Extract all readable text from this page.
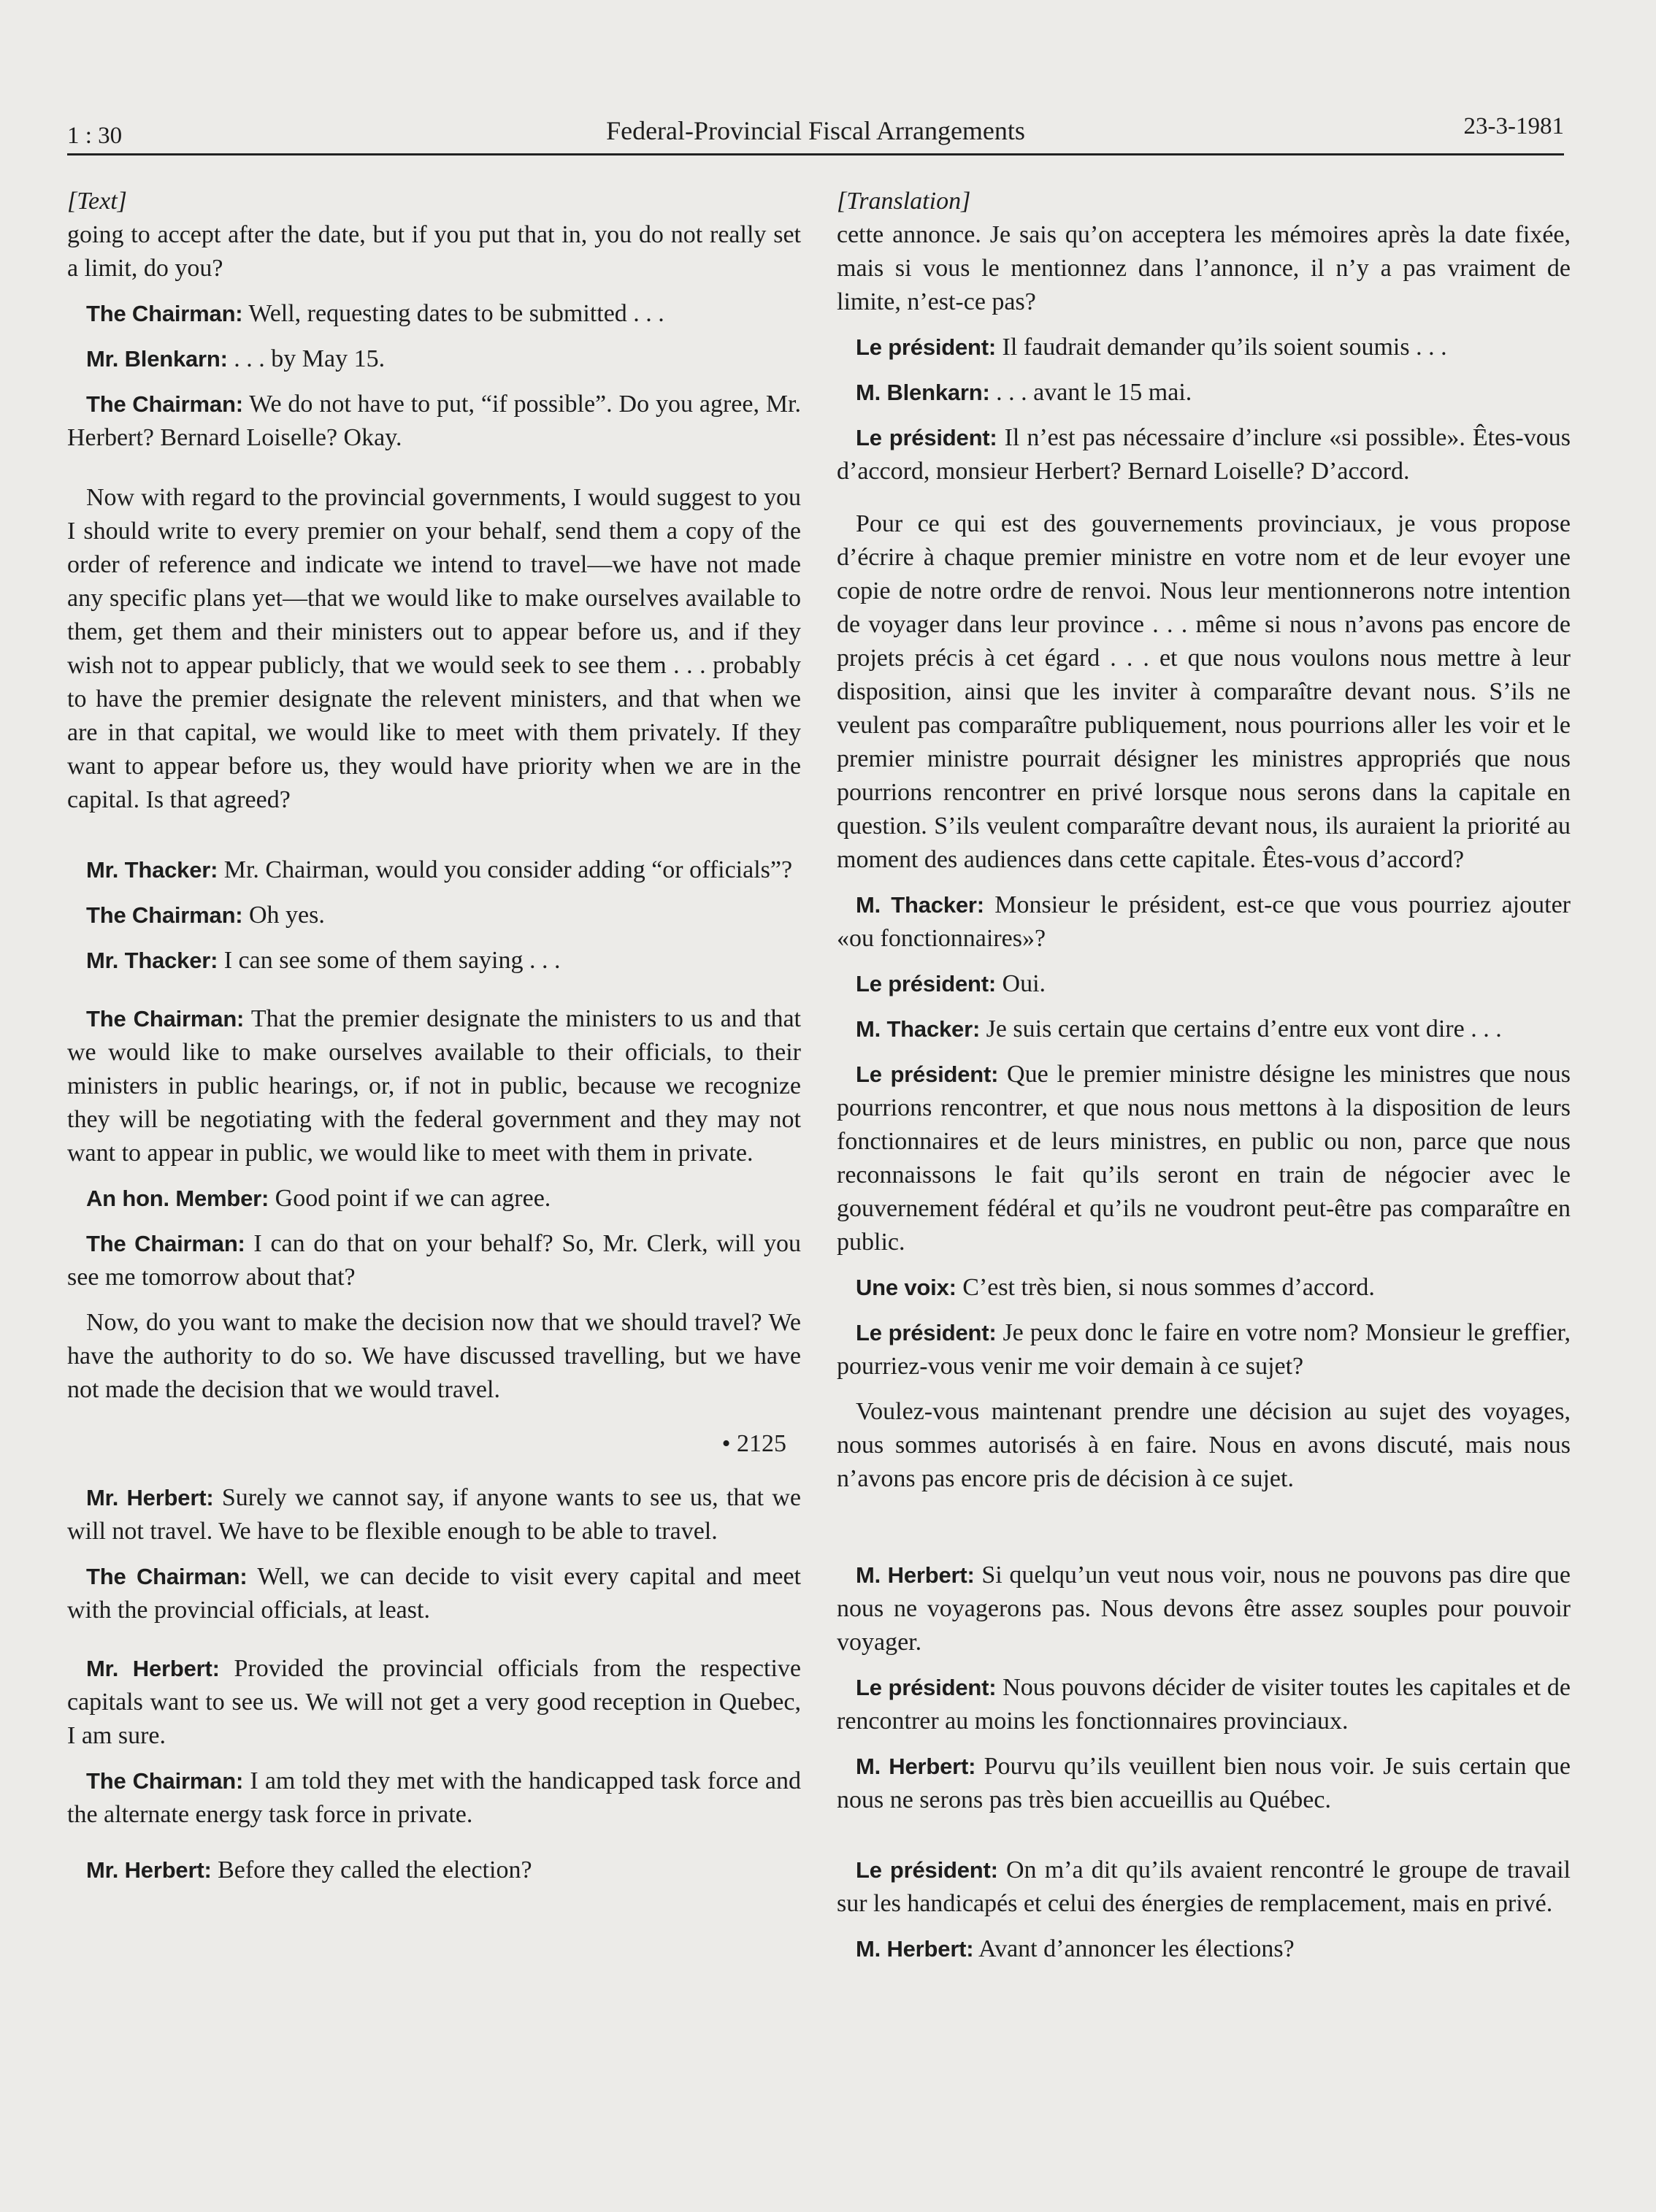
1 : 30	Federal-Provincial Fiscal Arrangements	23-3-1981
[Text]

going to accept after the date, but if you put that in, you do not really set a limit, do you?

The Chairman: Well, requesting dates to be submitted . . .

Mr. Blenkarn: . . . by May 15.

The Chairman: We do not have to put, “if possible”. Do you agree, Mr. Herbert? Bernard Loiselle? Okay.

Now with regard to the provincial governments, I would suggest to you I should write to every premier on your behalf, send them a copy of the order of reference and indicate we intend to travel—we have not made any specific plans yet—that we would like to make ourselves available to them, get them and their ministers out to appear before us, and if they wish not to appear publicly, that we would seek to see them . . . probably to have the premier designate the relevent ministers, and that when we are in that capital, we would like to meet with them privately. If they want to appear before us, they would have priority when we are in the capital. Is that agreed?

Mr. Thacker: Mr. Chairman, would you consider adding “or officials”?

The Chairman: Oh yes.

Mr. Thacker: I can see some of them saying . . .

The Chairman: That the premier designate the ministers to us and that we would like to make ourselves available to their officials, to their ministers in public hearings, or, if not in public, because we recognize they will be negotiating with the federal government and they may not want to appear in public, we would like to meet with them in private.

An hon. Member: Good point if we can agree.

The Chairman: I can do that on your behalf? So, Mr. Clerk, will you see me tomorrow about that?

Now, do you want to make the decision now that we should travel? We have the authority to do so. We have discussed travelling, but we have not made the decision that we would travel.

• 2125

Mr. Herbert: Surely we cannot say, if anyone wants to see us, that we will not travel. We have to be flexible enough to be able to travel.

The Chairman: Well, we can decide to visit every capital and meet with the provincial officials, at least.

Mr. Herbert: Provided the provincial officials from the respective capitals want to see us. We will not get a very good reception in Quebec, I am sure.

The Chairman: I am told they met with the handicapped task force and the alternate energy task force in private.

Mr. Herbert: Before they called the election?

[Translation]

cette annonce. Je sais qu’on acceptera les mémoires après la date fixée, mais si vous le mentionnez dans l’annonce, il n’y a pas vraiment de limite, n’est-ce pas?

Le président: Il faudrait demander qu’ils soient soumis . . .

M. Blenkarn: . . . avant le 15 mai.

Le président: Il n’est pas nécessaire d’inclure «si possible». Êtes-vous d’accord, monsieur Herbert? Bernard Loiselle? D’accord.

Pour ce qui est des gouvernements provinciaux, je vous propose d’écrire à chaque premier ministre en votre nom et de leur evoyer une copie de notre ordre de renvoi. Nous leur mentionnerons notre intention de voyager dans leur province . . . même si nous n’avons pas encore de projets précis à cet égard . . . et que nous voulons nous mettre à leur disposition, ainsi que les inviter à comparaître devant nous. S’ils ne veulent pas comparaître publiquement, nous pourrions aller les voir et le premier ministre pourrait désigner les ministres appropriés que nous pourrions rencontrer en privé lorsque nous serons dans la capitale en question. S’ils veulent comparaître devant nous, ils auraient la priorité au moment des audiences dans cette capitale. Êtes-vous d’accord?

M. Thacker: Monsieur le président, est-ce que vous pourriez ajouter «ou fonctionnaires»?

Le président: Oui.

M. Thacker: Je suis certain que certains d’entre eux vont dire . . .

Le président: Que le premier ministre désigne les ministres que nous pourrions rencontrer, et que nous nous mettons à la disposition de leurs fonctionnaires et de leurs ministres, en public ou non, parce que nous reconnaissons le fait qu’ils seront en train de négocier avec le gouvernement fédéral et qu’ils ne voudront peut-être pas comparaître en public.

Une voix: C’est très bien, si nous sommes d’accord.

Le président: Je peux donc le faire en votre nom? Monsieur le greffier, pourriez-vous venir me voir demain à ce sujet?

Voulez-vous maintenant prendre une décision au sujet des voyages, nous sommes autorisés à en faire. Nous en avons discuté, mais nous n’avons pas encore pris de décision à ce sujet.

M. Herbert: Si quelqu’un veut nous voir, nous ne pouvons pas dire que nous ne voyagerons pas. Nous devons être assez souples pour pouvoir voyager.

Le président: Nous pouvons décider de visiter toutes les capitales et de rencontrer au moins les fonctionnaires provinciaux.

M. Herbert: Pourvu qu’ils veuillent bien nous voir. Je suis certain que nous ne serons pas très bien accueillis au Québec.

Le président: On m’a dit qu’ils avaient rencontré le groupe de travail sur les handicapés et celui des énergies de remplacement, mais en privé.

M. Herbert: Avant d’annoncer les élections?
